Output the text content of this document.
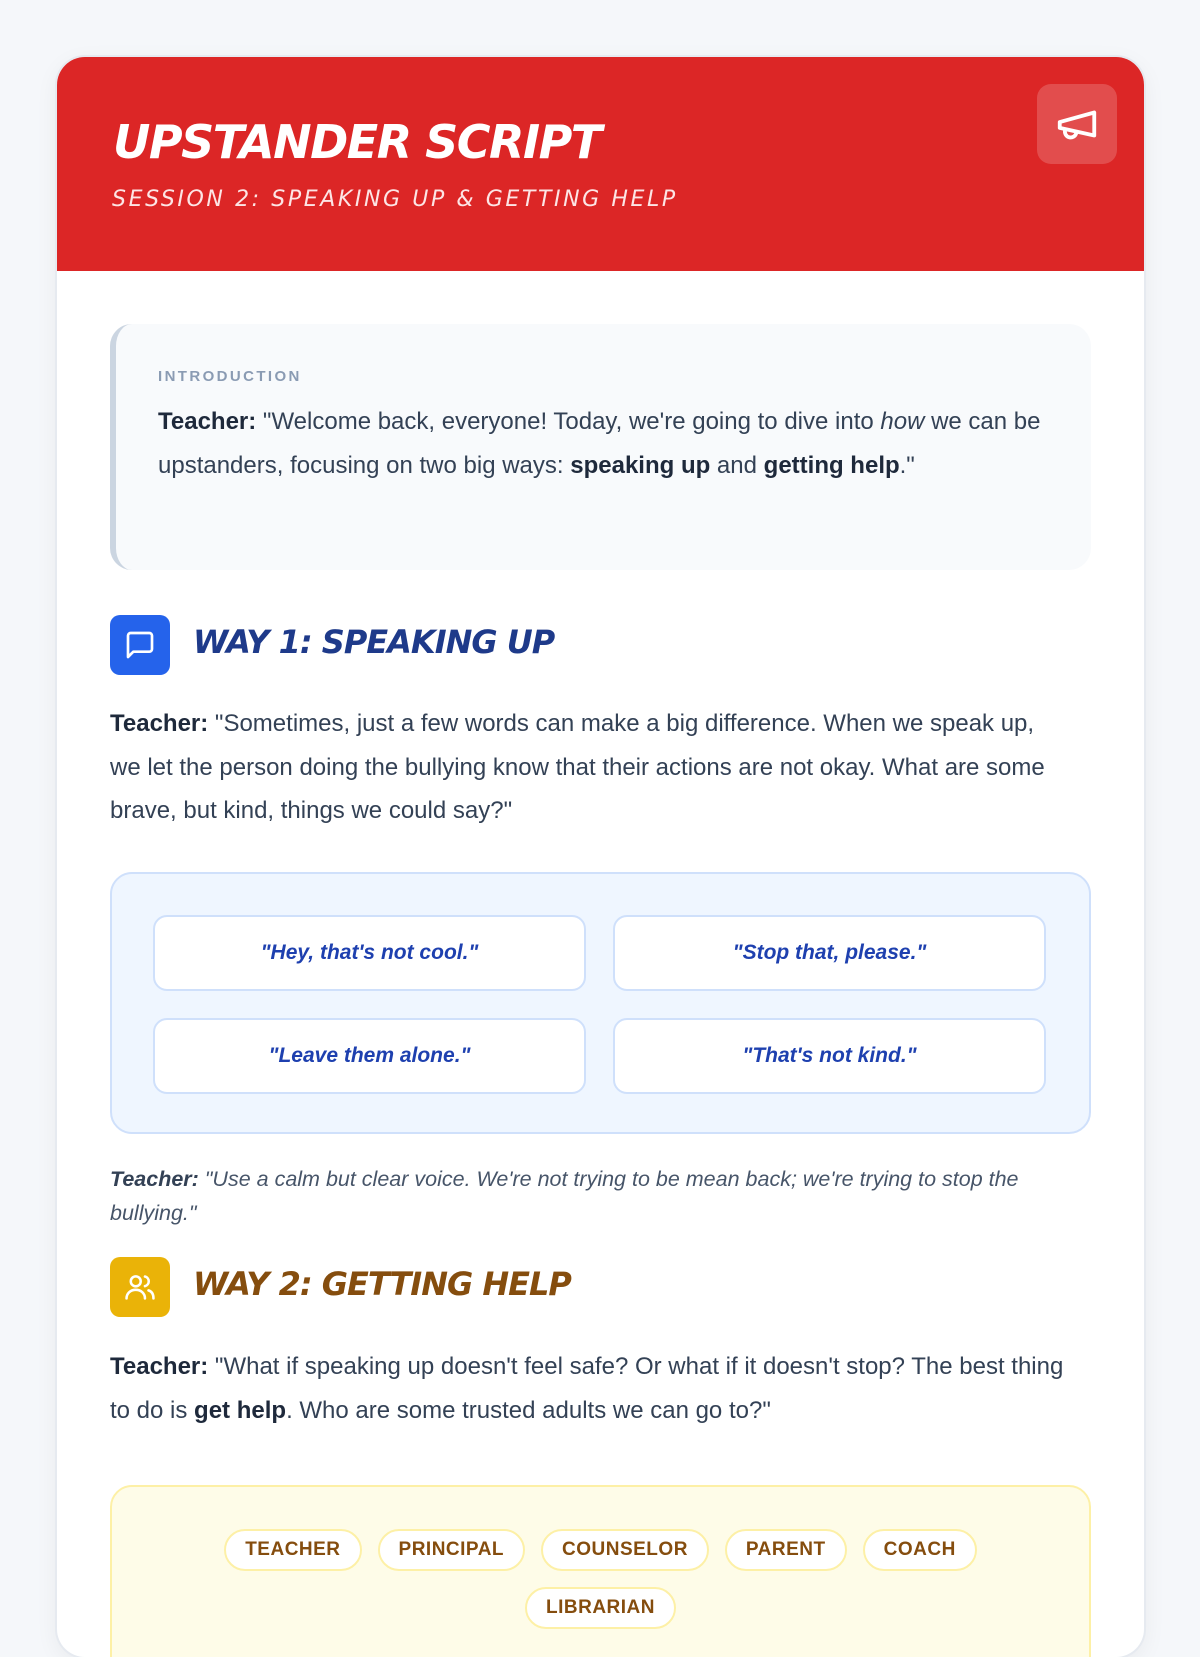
UPSTANDER SCRIPT
SESSION 2: SPEAKING UP & GETTING HELP
INTRODUCTION
Teacher: "Welcome back, everyone! Today, we're going to dive into how we can be upstanders, focusing on two big ways: speaking up and getting help."
WAY 1: SPEAKING UP
Teacher: "Sometimes, just a few words can make a big difference. When we speak up, we let the person doing the bullying know that their actions are not okay. What are some brave, but kind, things we could say?"
"Hey, that's not cool."	"Stop that, please."
"Leave them alone."	"That's not kind."
Teacher: "Use a calm but clear voice. We're not trying to be mean back; we're trying to stop the bullying."
WAY 2: GETTING HELP
Teacher: "What if speaking up doesn't feel safe? Or what if it doesn't stop? The best thing to do is get help. Who are some trusted adults we can go to?"
TEACHER	PRINCIPAL	COUNSELOR	PARENT	COACH
LIBRARIAN
